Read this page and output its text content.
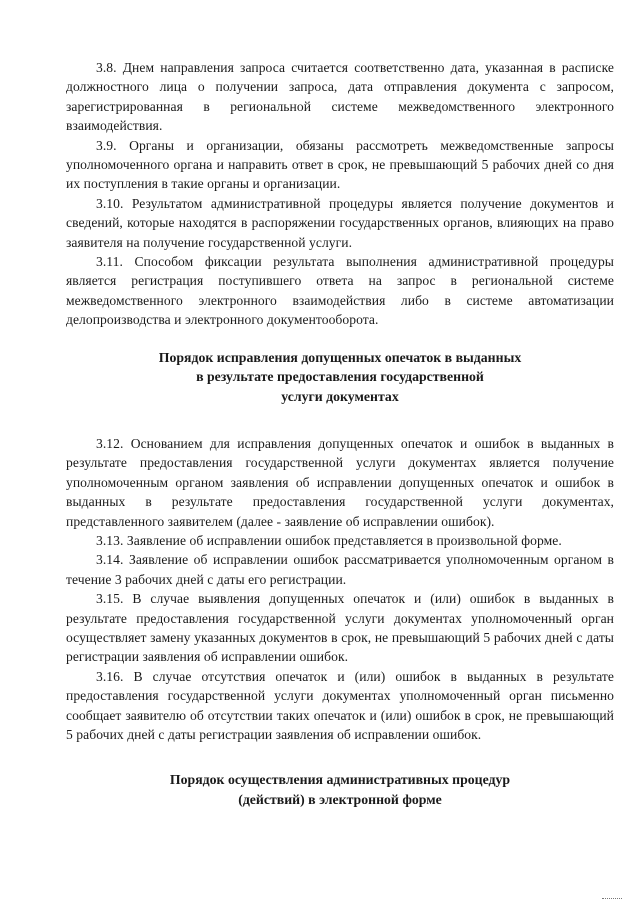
3.8. Днем направления запроса считается соответственно дата, указанная в расписке должностного лица о получении запроса, дата отправления документа с запросом, зарегистрированная в региональной системе межведомственного электронного взаимодействия.

3.9. Органы и организации, обязаны рассмотреть межведомственные запросы уполномоченного органа и направить ответ в срок, не превышающий 5 рабочих дней со дня их поступления в такие органы и организации.

3.10. Результатом административной процедуры является получение документов и сведений, которые находятся в распоряжении государственных органов, влияющих на право заявителя на получение государственной услуги.

3.11. Способом фиксации результата выполнения административной процедуры является регистрация поступившего ответа на запрос в региональной системе межведомственного электронного взаимодействия либо в системе автоматизации делопроизводства и электронного документооборота.

Порядок исправления допущенных опечаток в выданных
в результате предоставления государственной
услуги документах

3.12. Основанием для исправления допущенных опечаток и ошибок в выданных в результате предоставления государственной услуги документах является получение уполномоченным органом заявления об исправлении допущенных опечаток и ошибок в выданных в результате предоставления государственной услуги документах, представленного заявителем (далее - заявление об исправлении ошибок).

3.13. Заявление об исправлении ошибок представляется в произвольной форме.

3.14. Заявление об исправлении ошибок рассматривается уполномоченным органом в течение 3 рабочих дней с даты его регистрации.

3.15. В случае выявления допущенных опечаток и (или) ошибок в выданных в результате предоставления государственной услуги документах уполномоченный орган осуществляет замену указанных документов в срок, не превышающий 5 рабочих дней с даты регистрации заявления об исправлении ошибок.

3.16. В случае отсутствия опечаток и (или) ошибок в выданных в результате предоставления государственной услуги документах уполномоченный орган письменно сообщает заявителю об отсутствии таких опечаток и (или) ошибок в срок, не превышающий 5 рабочих дней с даты регистрации заявления об исправлении ошибок.

Порядок осуществления административных процедур
(действий) в электронной форме
